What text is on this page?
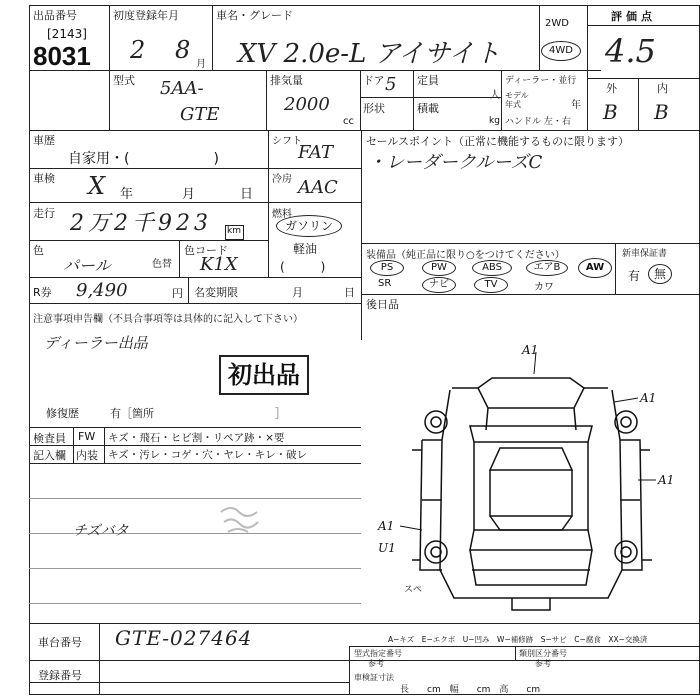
出品番号
[2143]
8031
初度登録年月
2 8
月
車名・グレード
XV 2.0e-L アイサイト
2WD
4WD
評価点
4.5
型式 5AA-
GTE
排気量
2000
cc
ドア 5
形状
定員
人
積載
kg
ディーラー・並行
モデル
年式	年
ハンドル 左・右
外	内
B B
車歴
自家用・(　　　　　　)
車検 X 年	月	日
走行 2万2千923 km
色
パール	色替
色コード
K1X
R券 9,490	円 名変期限	月	日
シフト
FAT
冷房 AAC
燃料
ガソリン
軽油
(　　　)
セールスポイント（正常に機能するものに限ります）
・レーダークルーズC
装備品（純正品に限り○をつけてください）
PS	PW	ABS	エアB	AW
SR	ナビ	TV	カワ
新車保証書
有	無
後日品
注意事項申告欄（不具合事項等は具体的に記入して下さい）
ディーラー出品
初出品
修復歴	有［箇所　　　　　　　　　　　］
検査員
記入欄
FW キズ・飛石・ヒビ割・リペア跡・×要
内装 キズ・汚レ・コゲ・穴・ヤレ・キレ・破レ
チズバタ
A1
A1
A1
A1
U1
スペ
車台番号 GTE-027464
登録番号
A−キズ　E−エクボ　U−凹み　W−補修跡　S−サビ　C−腐食　XX−交換済
型式指定番号
参考
類別区分番号
参考
車検証寸法
長　　cm　幅　　cm　高　　cm
